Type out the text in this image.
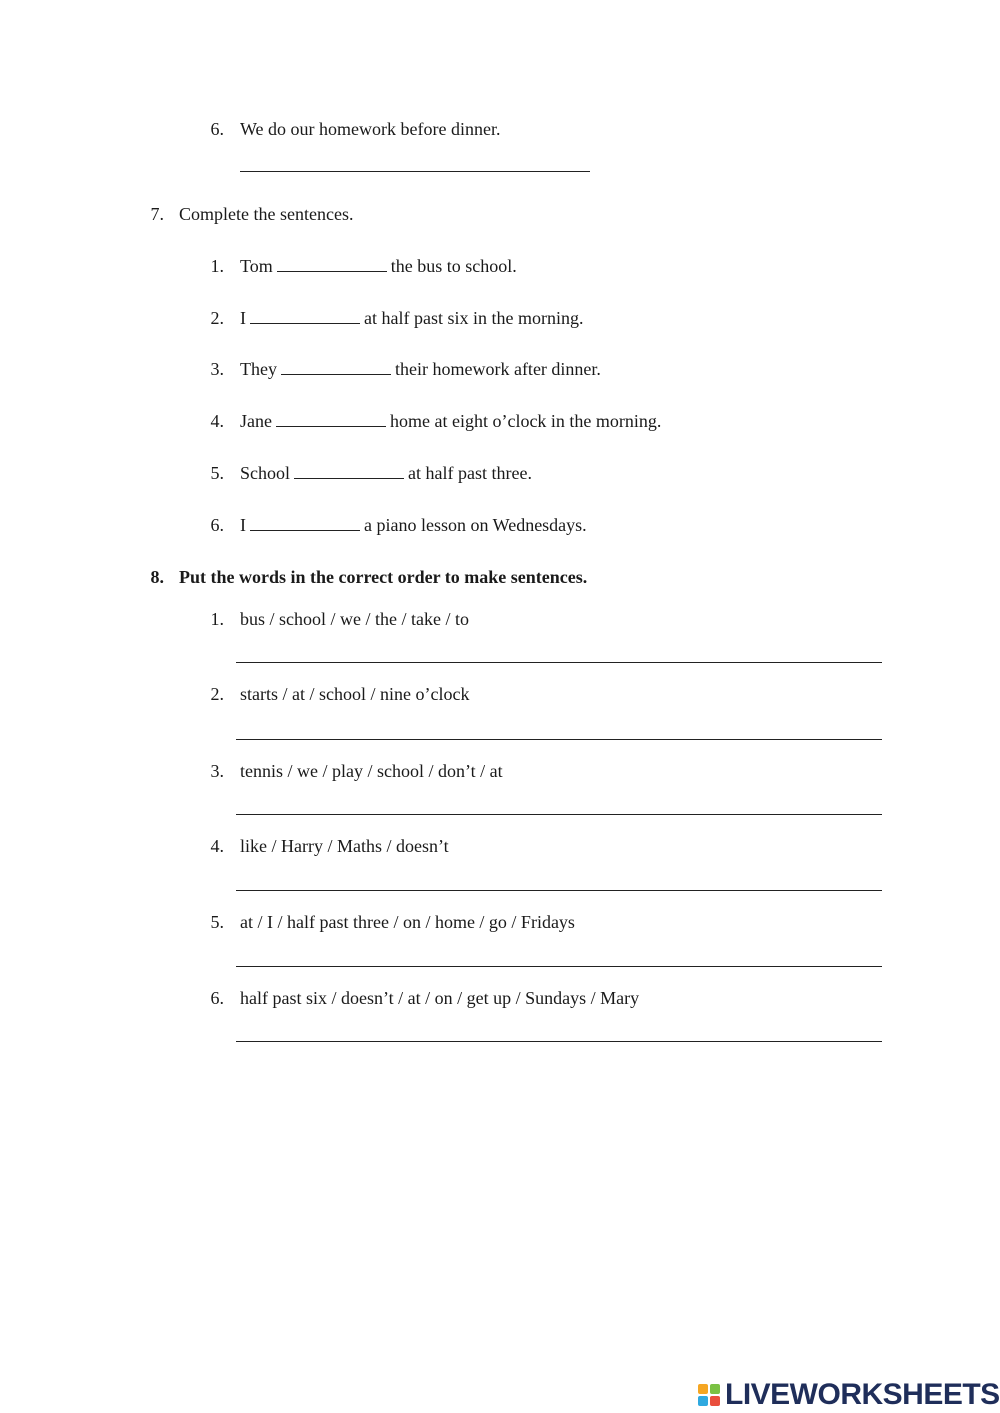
6. We do our homework before dinner.
7. Complete the sentences.
1. Tom	the bus to school.
2. I	at half past six in the morning.
3. They	their homework after dinner.
4. Jane	home at eight o’clock in the morning.
5. School	at half past three.
6. I	a piano lesson on Wednesdays.
8. Put the words in the correct order to make sentences.
1. bus / school / we / the / take / to
2. starts / at / school / nine o’clock
3. tennis / we / play / school / don’t / at
4. like / Harry / Maths / doesn’t
5. at / I / half past three / on / home / go / Fridays
6. half past six / doesn’t / at / on / get up / Sundays / Mary
LIVEWORKSHEETS
